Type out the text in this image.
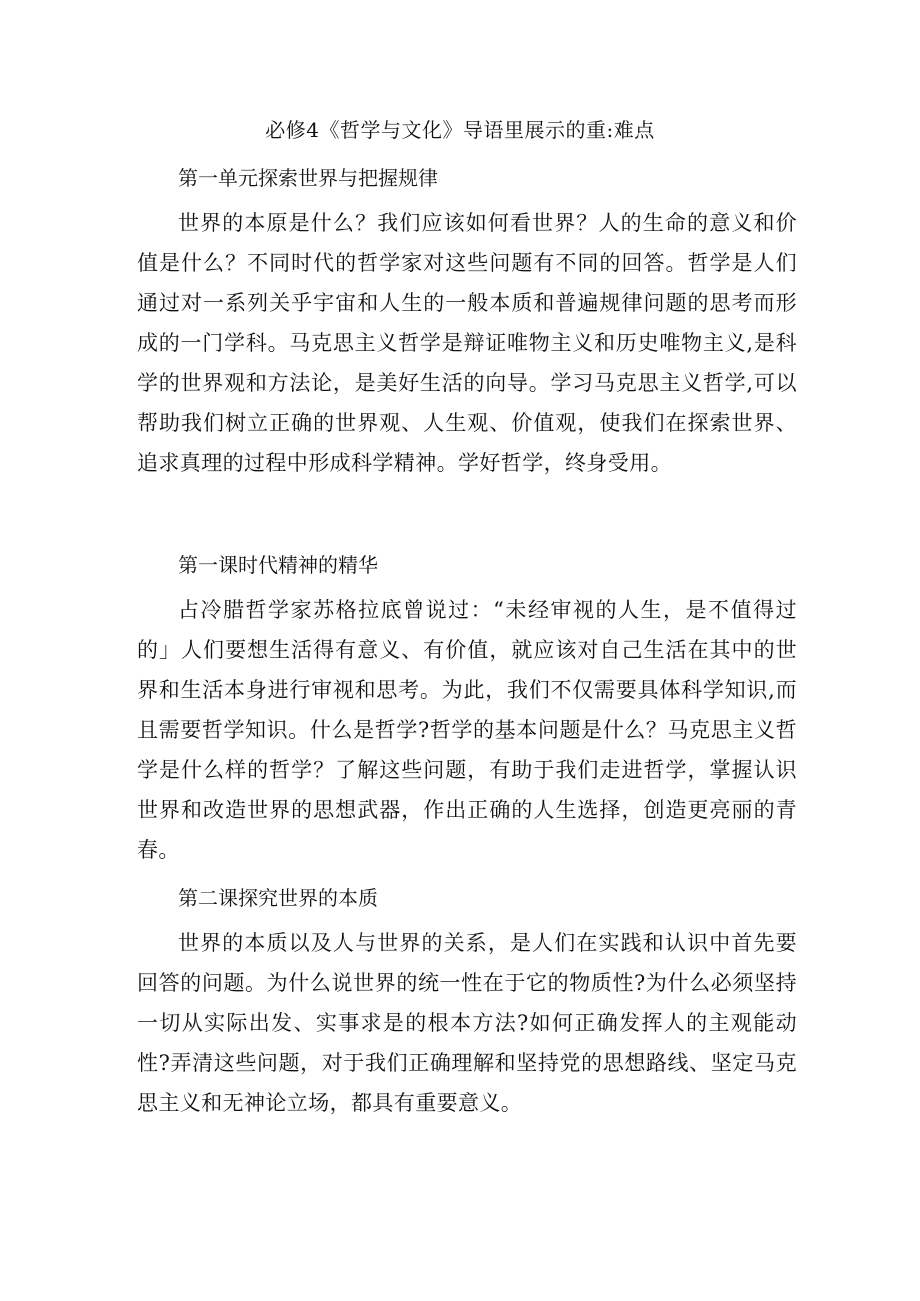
必修4《哲学与文化》导语里展示的重:难点
第一单元探索世界与把握规律

世界的本原是什么？我们应该如何看世界？人的生命的意义和价值是什么？不同时代的哲学家对这些问题有不同的回答。哲学是人们通过对一系列关乎宇宙和人生的一般本质和普遍规律问题的思考而形成的一门学科。马克思主义哲学是辩证唯物主义和历史唯物主义,是科学的世界观和方法论，是美好生活的向导。学习马克思主义哲学,可以帮助我们树立正确的世界观、人生观、价值观，使我们在探索世界、追求真理的过程中形成科学精神。学好哲学，终身受用。

第一课时代精神的精华

占冷腊哲学家苏格拉底曾说过：“未经审视的人生，是不值得过的」人们要想生活得有意义、有价值，就应该对自己生活在其中的世界和生活本身进行审视和思考。为此，我们不仅需要具体科学知识,而且需要哲学知识。什么是哲学?哲学的基本问题是什么？马克思主义哲学是什么样的哲学？了解这些问题，有助于我们走进哲学，掌握认识世界和改造世界的思想武器，作出正确的人生选择，创造更亮丽的青春。

第二课探究世界的本质

世界的本质以及人与世界的关系，是人们在实践和认识中首先要回答的问题。为什么说世界的统一性在于它的物质性?为什么必须坚持一切从实际出发、实事求是的根本方法?如何正确发挥人的主观能动性?弄清这些问题，对于我们正确理解和坚持党的思想路线、坚定马克思主义和无神论立场，都具有重要意义。
